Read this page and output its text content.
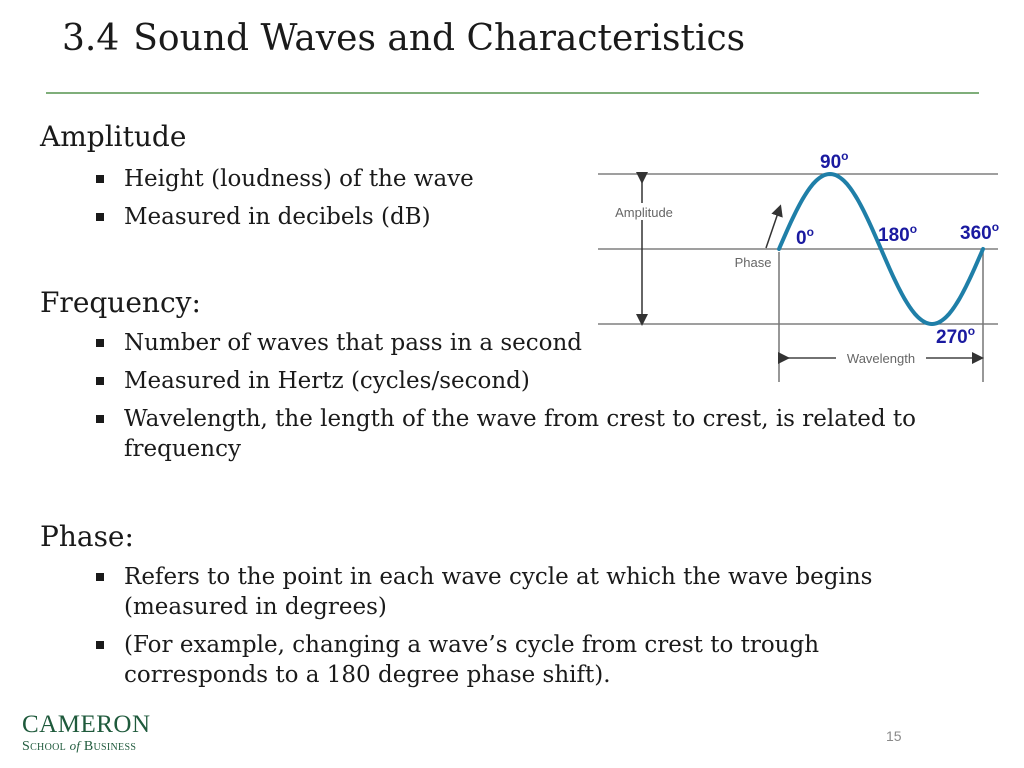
3.4 Sound Waves and Characteristics
Amplitude
Height (loudness) of the wave
Measured in decibels (dB)
Frequency:
Number of waves that pass in a second
Measured in Hertz (cycles/second)
Wavelength, the length of the wave from crest to crest, is related to frequency
Phase:
Refers to the point in each wave cycle at which the wave begins (measured in degrees)
(For example, changing a wave’s cycle from crest to trough corresponds to a 180 degree phase shift).
Amplitude
Phase
Wavelength
90$^o$
0$^o$	180$^o$ 360$^o$
270$^o$
CAMERON
School of Business
15
